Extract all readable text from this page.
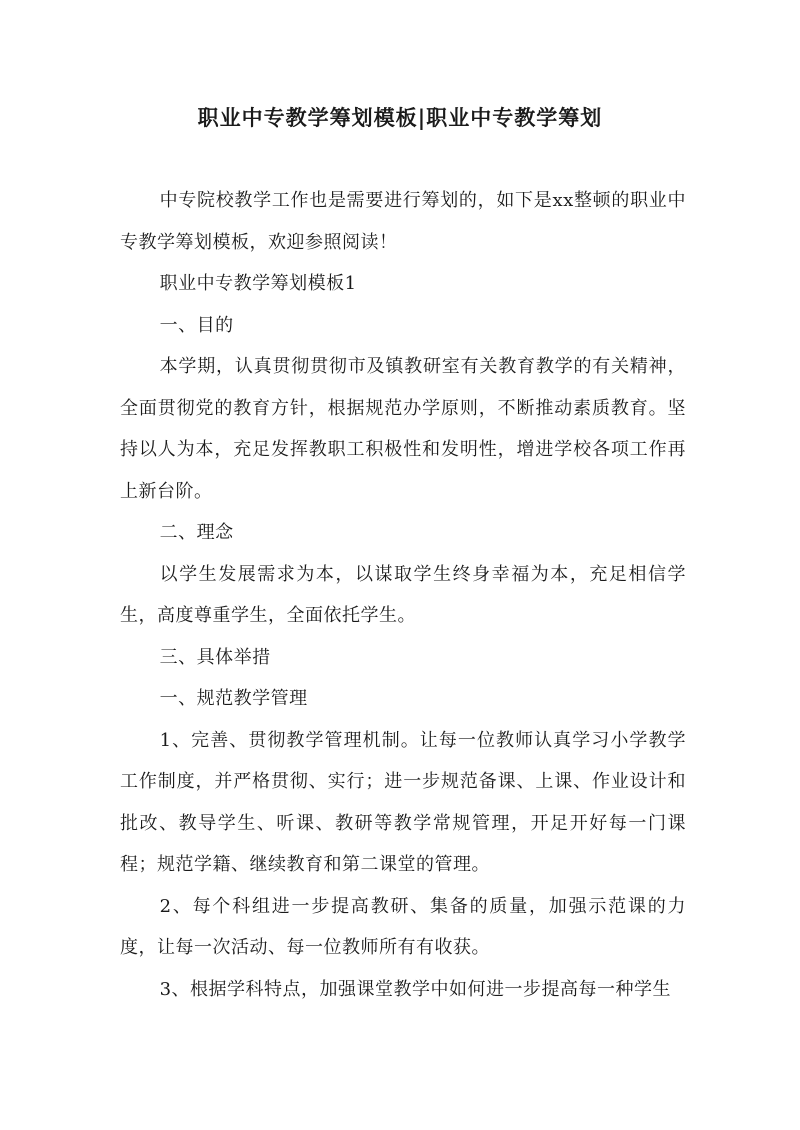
职业中专教学筹划模板|职业中专教学筹划

中专院校教学工作也是需要进行筹划的，如下是xx整顿的职业中专教学筹划模板，欢迎参照阅读！

职业中专教学筹划模板1

一、目的

本学期，认真贯彻贯彻市及镇教研室有关教育教学的有关精神，全面贯彻党的教育方针，根据规范办学原则，不断推动素质教育。坚持以人为本，充足发挥教职工积极性和发明性，增进学校各项工作再上新台阶。

二、理念

以学生发展需求为本，以谋取学生终身幸福为本，充足相信学生，高度尊重学生，全面依托学生。

三、具体举措

一、规范教学管理

1、完善、贯彻教学管理机制。让每一位教师认真学习小学教学工作制度，并严格贯彻、实行；进一步规范备课、上课、作业设计和批改、教导学生、听课、教研等教学常规管理，开足开好每一门课程；规范学籍、继续教育和第二课堂的管理。

2、每个科组进一步提高教研、集备的质量，加强示范课的力度，让每一次活动、每一位教师所有有收获。

3、根据学科特点，加强课堂教学中如何进一步提高每一种学生
